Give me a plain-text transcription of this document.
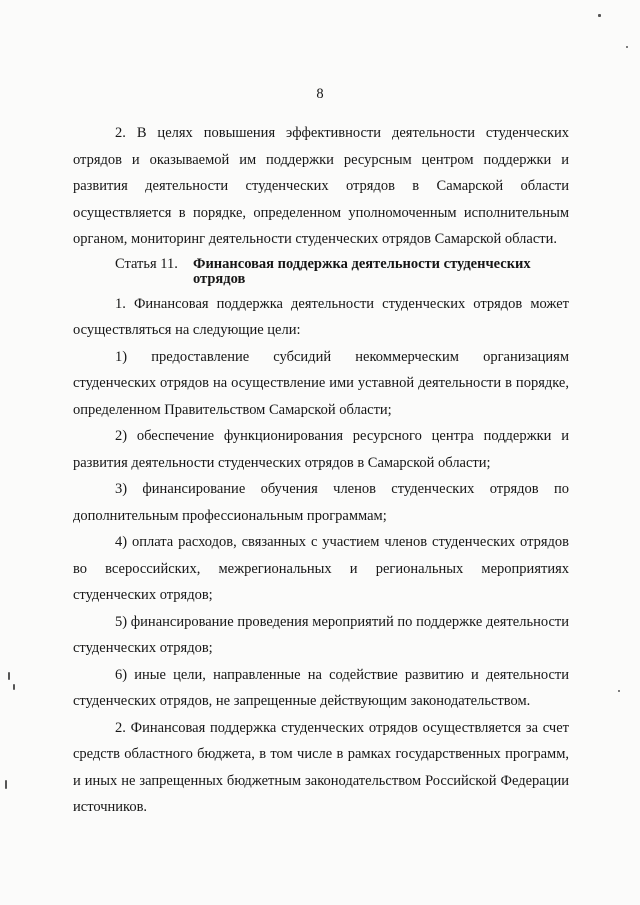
8

2. В целях повышения эффективности деятельности студенческих отрядов и оказываемой им поддержки ресурсным центром поддержки и развития деятельности студенческих отрядов в Самарской области осуществляется в порядке, определенном уполномоченным исполнительным органом, мониторинг деятельности студенческих отрядов Самарской области.

Статья 11.	Финансовая поддержка деятельности студенческих отрядов

1. Финансовая поддержка деятельности студенческих отрядов может осуществляться на следующие цели:

1) предоставление субсидий некоммерческим организациям студенческих отрядов на осуществление ими уставной деятельности в порядке, определенном Правительством Самарской области;

2) обеспечение функционирования ресурсного центра поддержки и развития деятельности студенческих отрядов в Самарской области;

3) финансирование обучения членов студенческих отрядов по дополнительным профессиональным программам;

4) оплата расходов, связанных с участием членов студенческих отрядов во всероссийских, межрегиональных и региональных мероприятиях студенческих отрядов;

5) финансирование проведения мероприятий по поддержке деятельности студенческих отрядов;

6) иные цели, направленные на содействие развитию и деятельности студенческих отрядов, не запрещенные действующим законодательством.

2. Финансовая поддержка студенческих отрядов осуществляется за счет средств областного бюджета, в том числе в рамках государственных программ, и иных не запрещенных бюджетным законодательством Российской Федерации источников.
